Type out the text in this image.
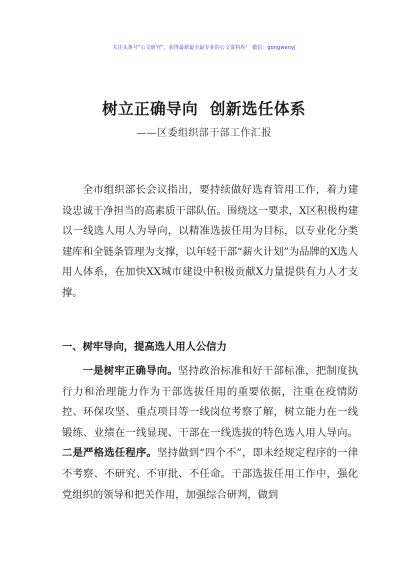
关注头条号“公文研究”，获得最新最全最专业的公文资料库！ 微信：gongwenyj
树立正确导向  创新选任体系
——区委组织部干部工作汇报
全市组织部长会议指出，要持续做好选育管用工作，着力建设忠诚干净担当的高素质干部队伍。围绕这一要求，X区积极构建以一线选人用人为导向，以精准选拔任用为目标，以专业化分类建库和全链条管理为支撑，以年轻干部“薪火计划”为品牌的X选人用人体系，在加快XX城市建设中积极贡献X力量提供有力人才支撑。
一、树牢导向，提高选人用人公信力
一是树牢正确导向。坚持政治标准和好干部标准，把制度执行力和治理能力作为干部选拔任用的重要依据，注重在疫情防控、环保攻坚、重点项目等一线岗位考察了解，树立能力在一线锻练、业绩在一线显现、干部在一线选拔的特色选人用人导向。二是严格选任程序。坚持做到“四个不”，即未经规定程序的一律不考察、不研究、不审批、不任命。干部选拔任用工作中，强化党组织的领导和把关作用，加强综合研判，做到
